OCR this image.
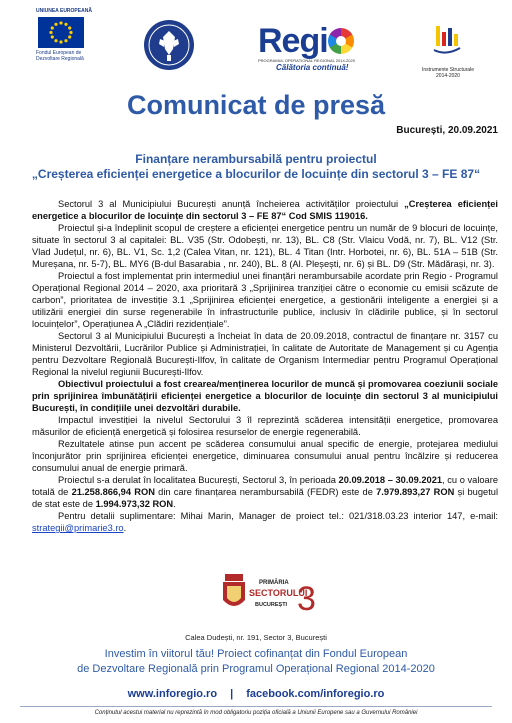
UNIUNEA EUROPEANĂ
Fondul European de
Dezvoltare Regională	Regi
PROGRAMUL OPERAȚIONAL REGIONAL 2014-2020
Călătoria continuă!	Instrumente Structurale
2014-2020
Comunicat de presă
București, 20.09.2021
Finanțare nerambursabilă pentru proiectul
„Creșterea eficienței energetice a blocurilor de locuințe din sectorul 3 – FE 87“

Sectorul 3 al Municipiului București anunță încheierea activităților proiectului „Creșterea eficienței energetice a blocurilor de locuințe din sectorul 3 – FE 87“ Cod SMIS 119016.

Proiectul și-a îndeplinit scopul de creștere a eficienței energetice pentru un număr de 9 blocuri de locuințe, situate în sectorul 3 al capitalei: BL. V35 (Str. Odobești, nr. 13), BL. C8 (Str. Vlaicu Vodă, nr. 7), BL. V12 (Str. Vlad Județul, nr. 6), BL. V1, Sc. 1,2 (Calea Vitan, nr. 121), BL. 4 Titan (Intr. Horbotei, nr. 6), BL. 51A – 51B (Str. Mureșana, nr. 5-7), BL. MY6 (B-dul Basarabia , nr. 240), BL. 8 (Al. Pleșești, nr. 6) și BL. D9 (Str. Mădărași, nr. 3).

Proiectul a fost implementat prin intermediul unei finanțări nerambursabile acordate prin Regio - Programul Operațional Regional 2014 – 2020, axa prioritară 3 „Sprijinirea tranziției către o economie cu emisii scăzute de carbon”, prioritatea de investiție 3.1 „Sprijinirea eficienței energetice, a gestionării inteligente a energiei și a utilizării energiei din surse regenerabile în infrastructurile publice, inclusiv în clădirile publice, și în sectorul locuințelor”, Operațiunea A „Clădiri rezidențiale”.

Sectorul 3 al Municipiului București a încheiat în data de 20.09.2018, contractul de finanțare nr. 3157 cu Ministerul Dezvoltării, Lucrărilor Publice și Administrației, în calitate de Autoritate de Management și cu Agenția pentru Dezvoltare Regională București-Ilfov, în calitate de Organism Intermediar pentru Programul Operațional Regional la nivelul regiunii București-Ilfov.

Obiectivul proiectului a fost crearea/menținerea locurilor de muncă și promovarea coeziunii sociale prin sprijinirea îmbunătățirii eficienței energetice a blocurilor de locuințe din sectorul 3 al municipiului București, în condițiile unei dezvoltări durabile.

Impactul investiției la nivelul Sectorului 3 îl reprezintă scăderea intensității energetice, promovarea măsurilor de eficiență energetică și folosirea resurselor de energie regenerabilă.

Rezultatele atinse pun accent pe scăderea consumului anual specific de energie, protejarea mediului înconjurător prin sprijinirea eficienței energetice, diminuarea consumului anual pentru încălzire și reducerea consumului anual de energie primară.

Proiectul s-a derulat în localitatea București, Sectorul 3, în perioada 20.09.2018 – 30.09.2021, cu o valoare totală de 21.258.866,94 RON din care finanțarea nerambursabilă (FEDR) este de 7.979.893,27 RON și bugetul de stat este de 1.994.973,32 RON.

Pentru detalii suplimentare: Mihai Marin, Manager de proiect tel.: 021/318.03.23 interior 147, e-mail: strategii@primarie3.ro.

PRIMĂRIA
SECTORULUI
BUCUREȘTI 3
Calea Dudești, nr. 191, Sector 3, București
Investim în viitorul tău! Proiect cofinanțat din Fondul European
de Dezvoltare Regională prin Programul Operațional Regional 2014-2020
www.inforegio.ro | facebook.com/inforegio.ro
Conținutul acestui material nu reprezintă în mod obligatoriu poziția oficială a Uniunii Europene sau a Guvernului României
